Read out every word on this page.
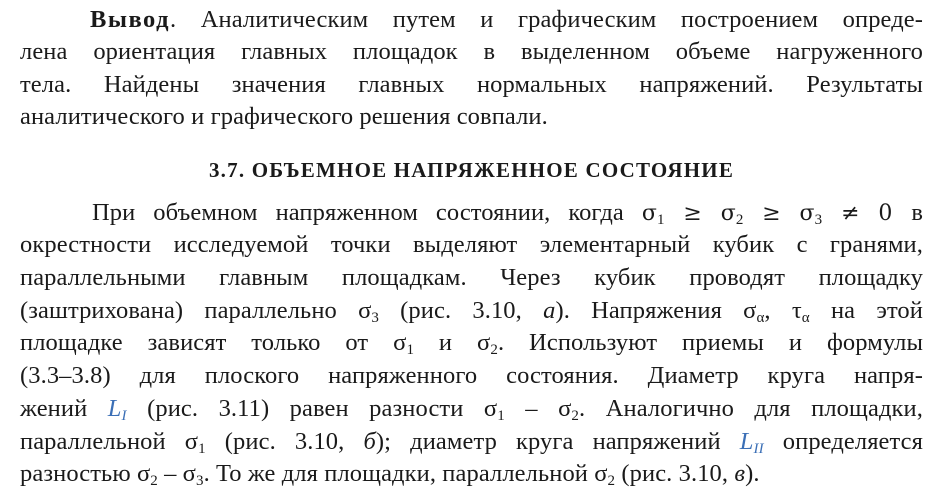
Вывод. Аналитическим путем и графическим построением опреде-
лена ориентация главных площадок в выделенном объеме нагруженного
тела. Найдены значения главных нормальных напряжений. Результаты
аналитического и графического решения совпали.
3.7. ОБЪЕМНОЕ НАПРЯЖЕННОЕ СОСТОЯНИЕ
При объемном напряженном состоянии, когда $\sigma_1 \ge \sigma_2 \ge \sigma_3 \ne 0$ в
окрестности исследуемой точки выделяют элементарный кубик с гранями,
параллельными главным площадкам. Через кубик проводят площадку
(заштрихована) параллельно $\sigma_3$ (рис. 3.10, а). Напряжения $\sigma_\alpha$, $\tau_\alpha$ на этой
площадке зависят только от $\sigma_1$ и $\sigma_2$. Используют приемы и формулы
(3.3–3.8) для плоского напряженного состояния. Диаметр круга напря-
жений $L_I$ (рис. 3.11) равен разности $\sigma_1 - \sigma_2$. Аналогично для площадки,
параллельной $\sigma_1$ (рис. 3.10, б); диаметр круга напряжений $L_{II}$ определяется
разностью $\sigma_2 - \sigma_3$. То же для площадки, параллельной $\sigma_2$ (рис. 3.10, в).
